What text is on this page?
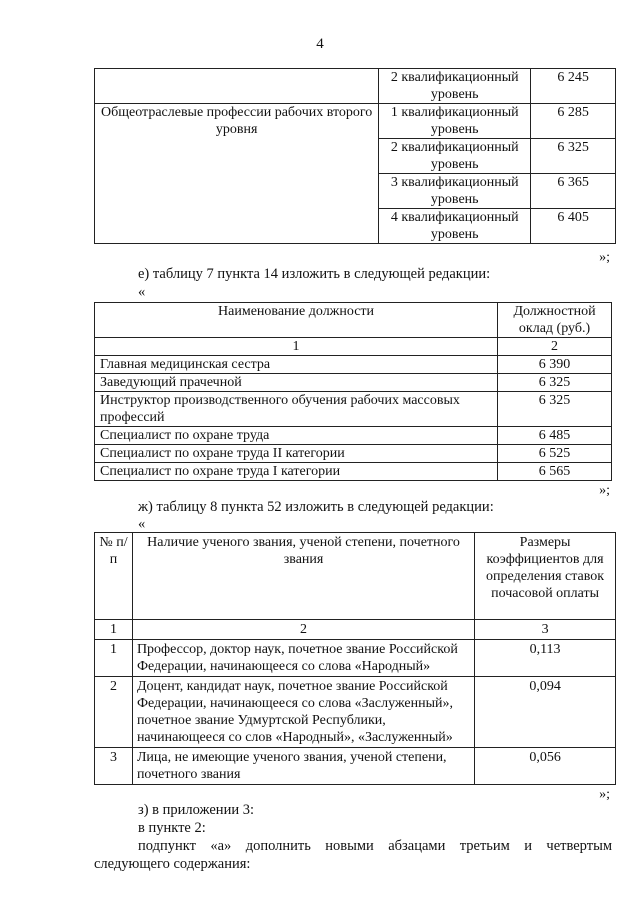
4
	2 квалификационный уровень	6 245
Общеотраслевые профессии рабочих второго уровня	1 квалификационный уровень	6 285
	2 квалификационный уровень	6 325
	3 квалификационный уровень	6 365
	4 квалификационный уровень	6 405
»;
е) таблицу 7 пункта 14 изложить в следующей редакции:
«
Наименование должности	Должностной оклад (руб.)
1	2
Главная медицинская сестра	6 390
Заведующий прачечной	6 325
Инструктор производственного обучения рабочих массовых профессий	6 325
Специалист по охране труда	6 485
Специалист по охране труда II категории	6 525
Специалист по охране труда I категории	6 565
»;
ж) таблицу 8 пункта 52 изложить в следующей редакции:
«
№ п/п	Наличие ученого звания, ученой степени, почетного звания	Размеры коэффициентов для определения ставок почасовой оплаты
1	2	3
1	Профессор, доктор наук, почетное звание Российской Федерации, начинающееся со слова «Народный»	0,113
2	Доцент, кандидат наук, почетное звание Российской Федерации, начинающееся со слова «Заслуженный», почетное звание Удмуртской Республики, начинающееся со слов «Народный», «Заслуженный»	0,094
3	Лица, не имеющие ученого звания, ученой степени, почетного звания	0,056
»;
з) в приложении 3:
в пункте 2:
подпункт «а» дополнить новыми абзацами третьим и четвертым
следующего содержания:
